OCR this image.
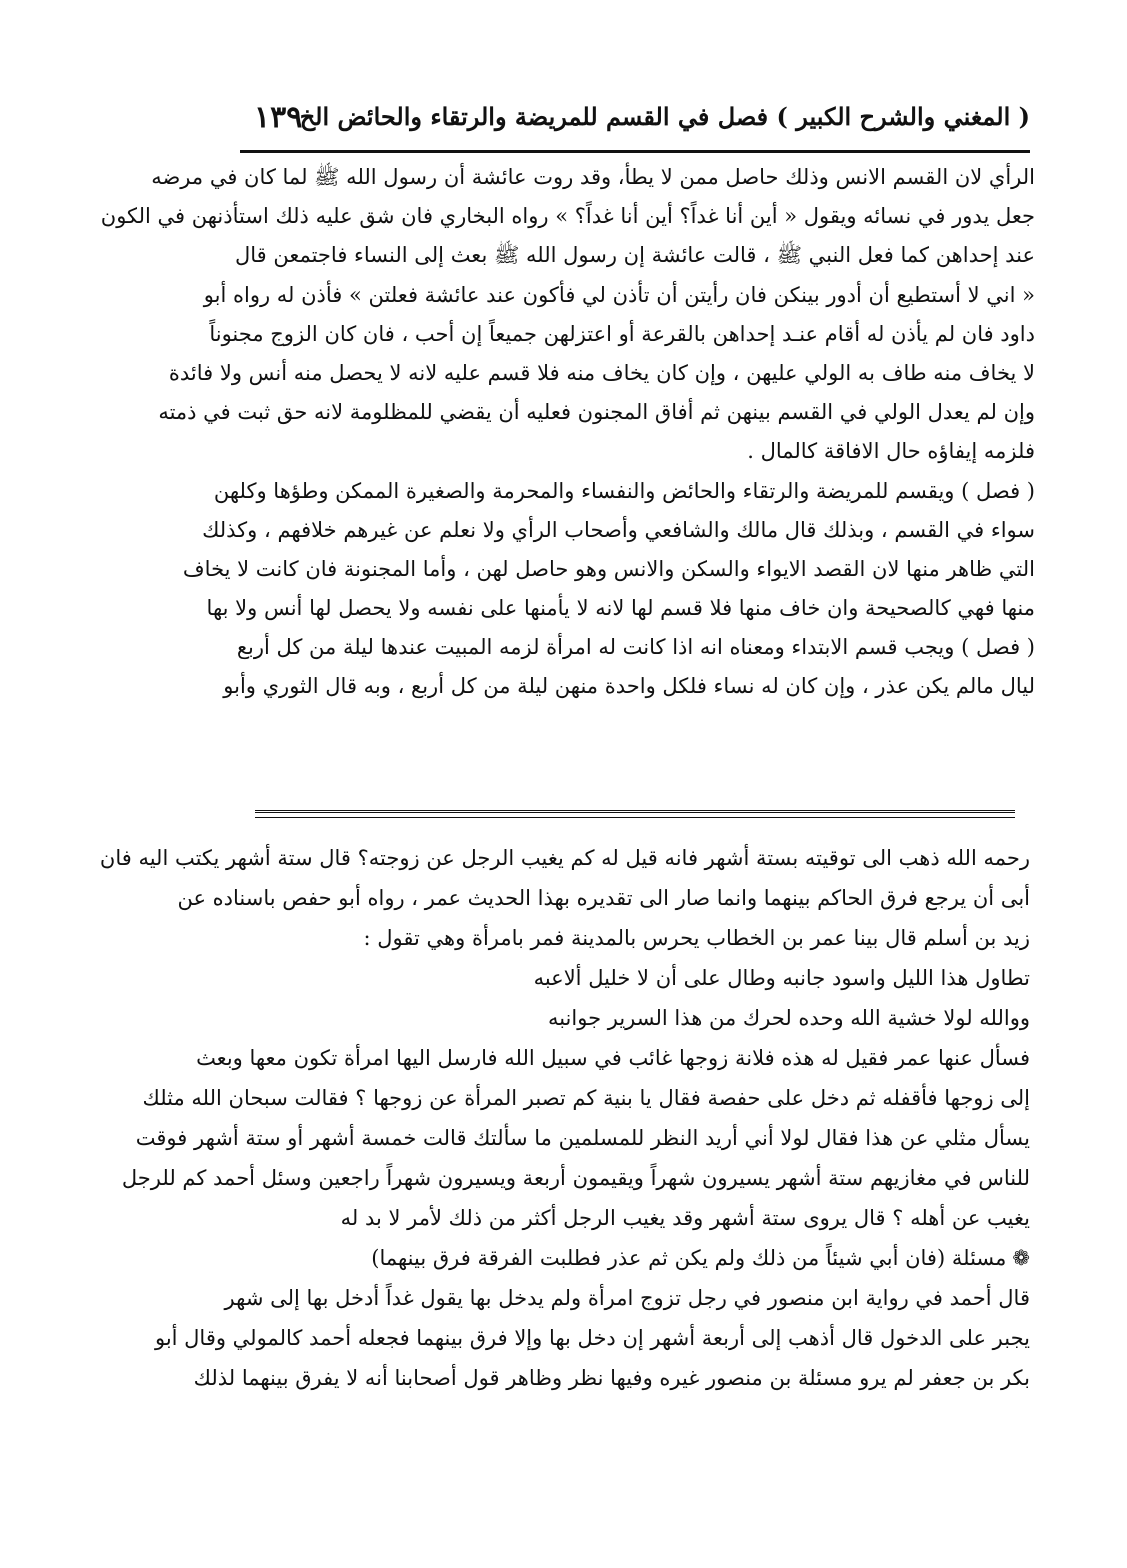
١٣٩
( المغني والشرح الكبير ) فصل في القسم للمريضة والرتقاء والحائض الخ
الرأي لان القسم الانس وذلك حاصل ممن لا يطأ، وقد روت عائشة أن رسول الله ﷺ لما كان في مرضه
جعل يدور في نسائه ويقول « أين أنا غداً؟ أين أنا غداً؟ » رواه البخاري فان شق عليه ذلك استأذنهن في الكون
عند إحداهن كما فعل النبي ﷺ ، قالت عائشة إن رسول الله ﷺ بعث إلى النساء فاجتمعن قال
« اني لا أستطيع أن أدور بينكن فان رأيتن أن تأذن لي فأكون عند عائشة فعلتن » فأذن له رواه أبو
داود فان لم يأذن له أقام عنـد إحداهن بالقرعة أو اعتزلهن جميعاً إن أحب ، فان كان الزوج مجنوناً
لا يخاف منه طاف به الولي عليهن ، وإن كان يخاف منه فلا قسم عليه لانه لا يحصل منه أنس ولا فائدة
وإن لم يعدل الولي في القسم بينهن ثم أفاق المجنون فعليه أن يقضي للمظلومة لانه حق ثبت في ذمته
فلزمه إيفاؤه حال الافاقة كالمال .
( فصل ) ويقسم للمريضة والرتقاء والحائض والنفساء والمحرمة والصغيرة الممكن وطؤها وكلهن
سواء في القسم ، وبذلك قال مالك والشافعي وأصحاب الرأي ولا نعلم عن غيرهم خلافهم ، وكذلك
التي ظاهر منها لان القصد الايواء والسكن والانس وهو حاصل لهن ، وأما المجنونة فان كانت لا يخاف
منها فهي كالصحيحة وان خاف منها فلا قسم لها لانه لا يأمنها على نفسه ولا يحصل لها أنس ولا بها
( فصل ) ويجب قسم الابتداء ومعناه انه اذا كانت له امرأة لزمه المبيت عندها ليلة من كل أربع
ليال مالم يكن عذر ، وإن كان له نساء فلكل واحدة منهن ليلة من كل أربع ، وبه قال الثوري وأبو
رحمه الله ذهب الى توقيته بستة أشهر فانه قيل له كم يغيب الرجل عن زوجته؟ قال ستة أشهر يكتب اليه فان
أبى أن يرجع فرق الحاكم بينهما وانما صار الى تقديره بهذا الحديث عمر ، رواه أبو حفص باسناده عن
زيد بن أسلم قال بينا عمر بن الخطاب يحرس بالمدينة فمر بامرأة وهي تقول :
تطاول هذا الليل واسود جانبه وطال على أن لا خليل ألاعبه
ووالله لولا خشية الله وحده لحرك من هذا السرير جوانبه
فسأل عنها عمر فقيل له هذه فلانة زوجها غائب في سبيل الله فارسل اليها امرأة تكون معها وبعث
إلى زوجها فأقفله ثم دخل على حفصة فقال يا بنية كم تصبر المرأة عن زوجها ؟ فقالت سبحان الله مثلك
يسأل مثلي عن هذا فقال لولا أني أريد النظر للمسلمين ما سألتك قالت خمسة أشهر أو ستة أشهر فوقت
للناس في مغازيهم ستة أشهر يسيرون شهراً ويقيمون أربعة ويسيرون شهراً راجعين وسئل أحمد كم للرجل
يغيب عن أهله ؟ قال يروى ستة أشهر وقد يغيب الرجل أكثر من ذلك لأمر لا بد له
❁مسئلة (فان أبي شيئاً من ذلك ولم يكن ثم عذر فطلبت الفرقة فرق بينهما)
قال أحمد في رواية ابن منصور في رجل تزوج امرأة ولم يدخل بها يقول غداً أدخل بها إلى شهر
يجبر على الدخول قال أذهب إلى أربعة أشهر إن دخل بها وإلا فرق بينهما فجعله أحمد كالمولي وقال أبو
بكر بن جعفر لم يرو مسئلة بن منصور غيره وفيها نظر وظاهر قول أصحابنا أنه لا يفرق بينهما لذلك
